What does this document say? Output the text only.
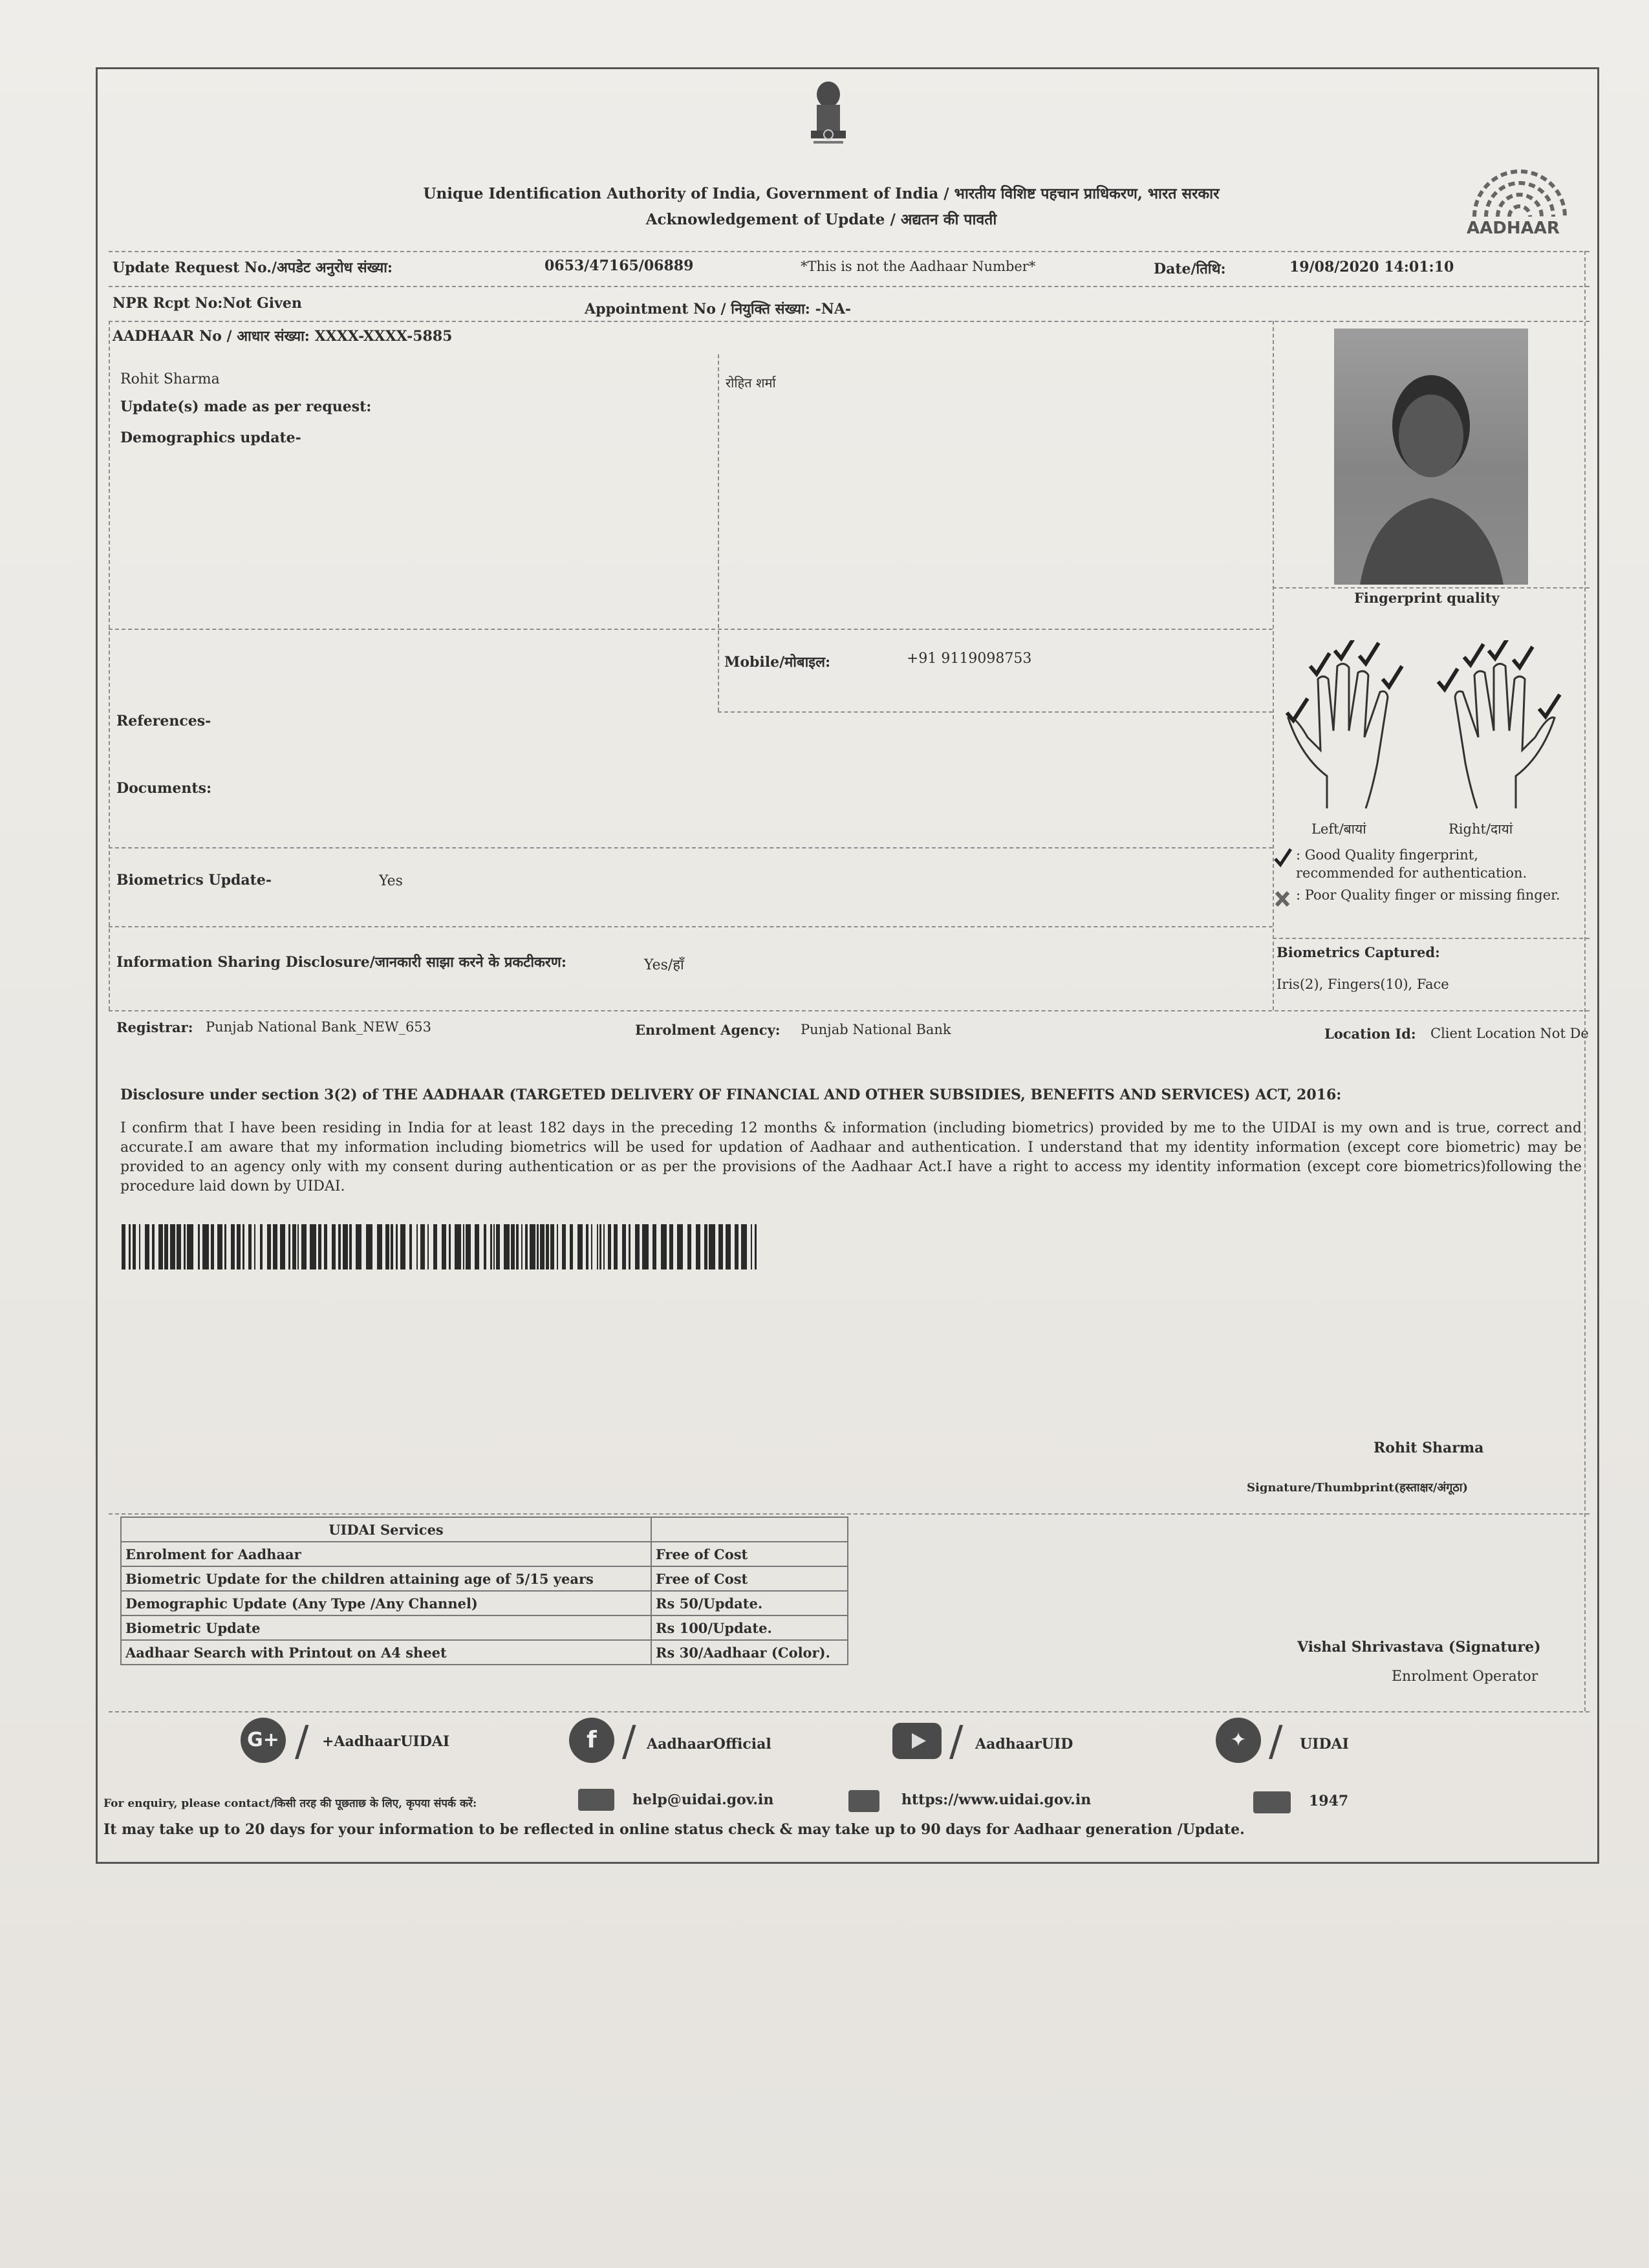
AADHAAR
Unique Identification Authority of India, Government of India / भारतीय विशिष्ट पहचान प्राधिकरण, भारत सरकार
Acknowledgement of Update / अद्यतन की पावती
Update Request No./अपडेट अनुरोध संख्या:	0653/47165/06889	*This is not the Aadhaar Number*	Date/तिथि:	19/08/2020 14:01:10
NPR Rcpt No:Not Given	Appointment No / नियुक्ति संख्या: -NA-
AADHAAR No / आधार संख्या: XXXX-XXXX-5885
Rohit Sharma	रोहित शर्मा
Update(s) made as per request:
Demographics update-
Mobile/मोबाइल:	+91 9119098753
References-
Documents:
Biometrics Update-	Yes
Information Sharing Disclosure/जानकारी साझा करने के प्रकटीकरण:	Yes/हाँ
Fingerprint quality
Left/बायां	Right/दायां
: Good Quality fingerprint, recommended for authentication.
: Poor Quality finger or missing finger.
Biometrics Captured:
Iris(2), Fingers(10), Face
Registrar: Punjab National Bank_NEW_653	Enrolment Agency: Punjab National Bank	Location Id: Client Location Not De
Disclosure under section 3(2) of THE AADHAAR (TARGETED DELIVERY OF FINANCIAL AND OTHER SUBSIDIES, BENEFITS AND SERVICES) ACT, 2016:
I confirm that I have been residing in India for at least 182 days in the preceding 12 months & information (including biometrics) provided by me to the UIDAI is my own and is true, correct and accurate.I am aware that my information including biometrics will be used for updation of Aadhaar and authentication. I understand that my identity information (except core biometric) may be provided to an agency only with my consent during authentication or as per the provisions of the Aadhaar Act.I have a right to access my identity information (except core biometrics)following the procedure laid down by UIDAI.
Rohit Sharma
Signature/Thumbprint(हस्ताक्षर/अंगूठा)
UIDAI Services	
Enrolment for Aadhaar	Free of Cost
Biometric Update for the children attaining age of 5/15 years	Free of Cost
Demographic Update (Any Type /Any Channel)	Rs 50/Update.
Biometric Update	Rs 100/Update.
Aadhaar Search with Printout on A4 sheet	Rs 30/Aadhaar (Color).	Vishal Shrivastava (Signature)
Enrolment Operator
G+ / +AadhaarUIDAI	f / AadhaarOfficial	/ AadhaarUID	✦ / UIDAI
For enquiry, please contact/किसी तरह की पूछताछ के लिए, कृपया संपर्क करें:	help@uidai.gov.in	https://www.uidai.gov.in	1947
It may take up to 20 days for your information to be reflected in online status check & may take up to 90 days for Aadhaar generation /Update.
